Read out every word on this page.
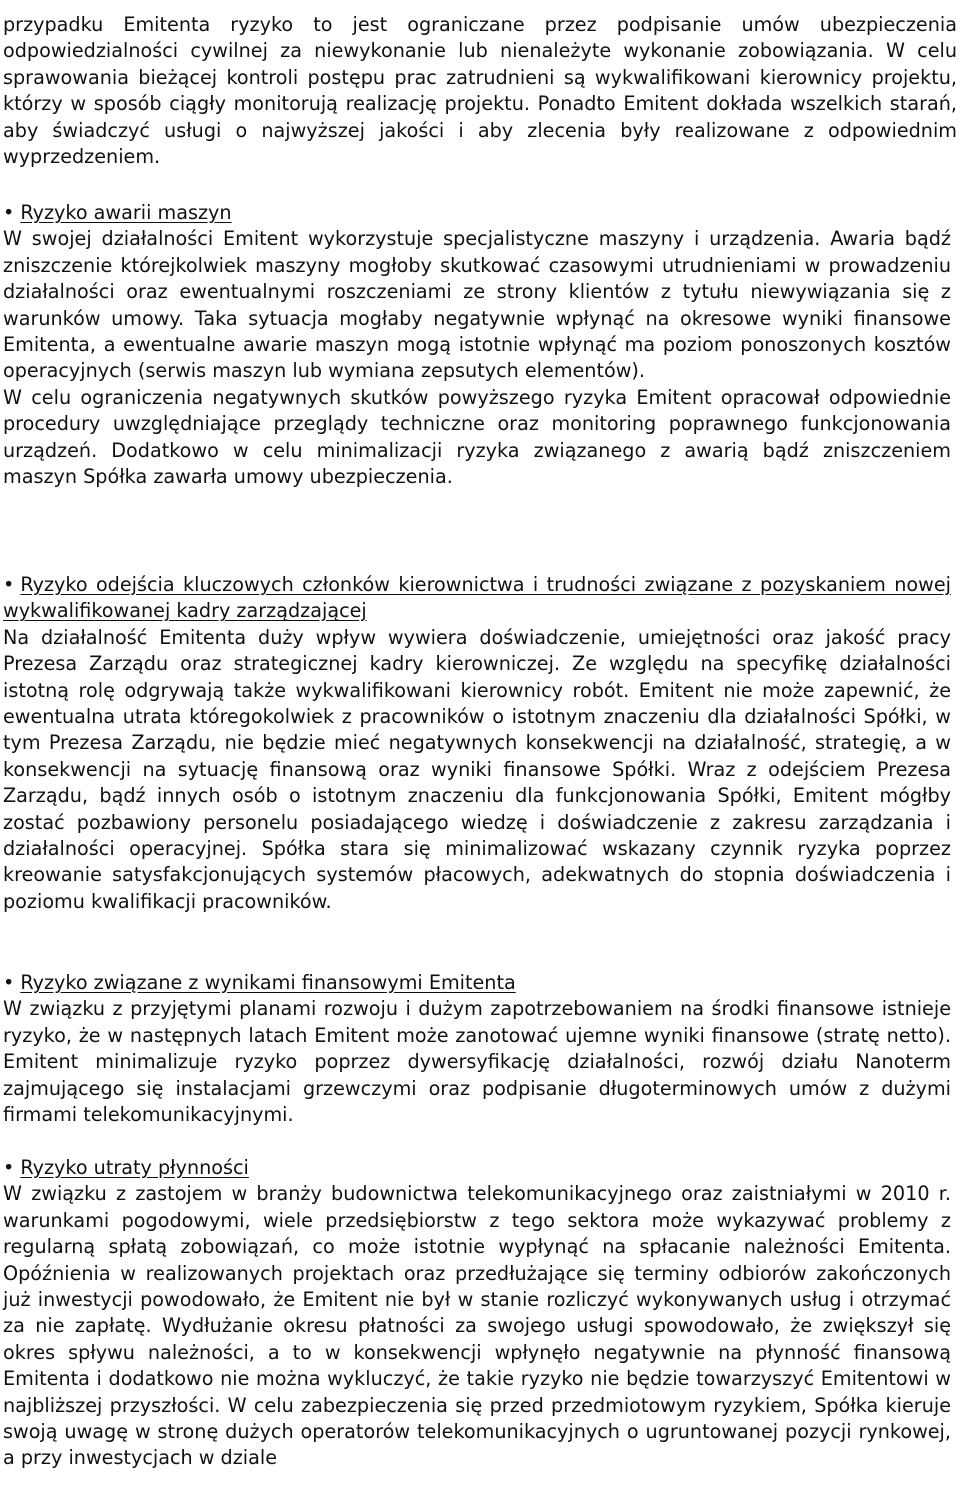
przypadku Emitenta ryzyko to jest ograniczane przez podpisanie umów ubezpieczenia odpowiedzialności cywilnej za niewykonanie lub nienależyte wykonanie zobowiązania. W celu sprawowania bieżącej kontroli postępu prac zatrudnieni są wykwalifikowani kierownicy projektu, którzy w sposób ciągły monitorują realizację projektu. Ponadto Emitent dokłada wszelkich starań, aby świadczyć usługi o najwyższej jakości i aby zlecenia były realizowane z odpowiednim wyprzedzeniem.

• Ryzyko awarii maszyn

W swojej działalności Emitent wykorzystuje specjalistyczne maszyny i urządzenia. Awaria bądź zniszczenie którejkolwiek maszyny mogłoby skutkować czasowymi utrudnieniami w prowadzeniu działalności oraz ewentualnymi roszczeniami ze strony klientów z tytułu niewywiązania się z warunków umowy. Taka sytuacja mogłaby negatywnie wpłynąć na okresowe wyniki finansowe Emitenta, a ewentualne awarie maszyn mogą istotnie wpłynąć ma poziom ponoszonych kosztów operacyjnych (serwis maszyn lub wymiana zepsutych elementów).

W celu ograniczenia negatywnych skutków powyższego ryzyka Emitent opracował odpowiednie procedury uwzględniające przeglądy techniczne oraz monitoring poprawnego funkcjonowania urządzeń. Dodatkowo w celu minimalizacji ryzyka związanego z awarią bądź zniszczeniem maszyn Spółka zawarła umowy ubezpieczenia.

• Ryzyko odejścia kluczowych członków kierownictwa i trudności związane z pozyskaniem nowej wykwalifikowanej kadry zarządzającej

Na działalność Emitenta duży wpływ wywiera doświadczenie, umiejętności oraz jakość pracy Prezesa Zarządu oraz strategicznej kadry kierowniczej. Ze względu na specyfikę działalności istotną rolę odgrywają także wykwalifikowani kierownicy robót. Emitent nie może zapewnić, że ewentualna utrata któregokolwiek z pracowników o istotnym znaczeniu dla działalności Spółki, w tym Prezesa Zarządu, nie będzie mieć negatywnych konsekwencji na działalność, strategię, a w konsekwencji na sytuację finansową oraz wyniki finansowe Spółki. Wraz z odejściem Prezesa Zarządu, bądź innych osób o istotnym znaczeniu dla funkcjonowania Spółki, Emitent mógłby zostać pozbawiony personelu posiadającego wiedzę i doświadczenie z zakresu zarządzania i działalności operacyjnej. Spółka stara się minimalizować wskazany czynnik ryzyka poprzez kreowanie satysfakcjonujących systemów płacowych, adekwatnych do stopnia doświadczenia i poziomu kwalifikacji pracowników.

• Ryzyko związane z wynikami finansowymi Emitenta

W związku z przyjętymi planami rozwoju i dużym zapotrzebowaniem na środki finansowe istnieje ryzyko, że w następnych latach Emitent może zanotować ujemne wyniki finansowe (stratę netto). Emitent minimalizuje ryzyko poprzez dywersyfikację działalności, rozwój działu Nanoterm zajmującego się instalacjami grzewczymi oraz podpisanie długoterminowych umów z dużymi firmami telekomunikacyjnymi.

• Ryzyko utraty płynności

W związku z zastojem w branży budownictwa telekomunikacyjnego oraz zaistniałymi w 2010 r. warunkami pogodowymi, wiele przedsiębiorstw z tego sektora może wykazywać problemy z regularną spłatą zobowiązań, co może istotnie wypłynąć na spłacanie należności Emitenta. Opóźnienia w realizowanych projektach oraz przedłużające się terminy odbiorów zakończonych już inwestycji powodowało, że Emitent nie był w stanie rozliczyć wykonywanych usług i otrzymać za nie zapłatę. Wydłużanie okresu płatności za swojego usługi spowodowało, że zwiększył się okres spływu należności, a to w konsekwencji wpłynęło negatywnie na płynność finansową Emitenta i dodatkowo nie można wykluczyć, że takie ryzyko nie będzie towarzyszyć Emitentowi w najbliższej przyszłości. W celu zabezpieczenia się przed przedmiotowym ryzykiem, Spółka kieruje swoją uwagę w stronę dużych operatorów telekomunikacyjnych o ugruntowanej pozycji rynkowej, a przy inwestycjach w dziale
